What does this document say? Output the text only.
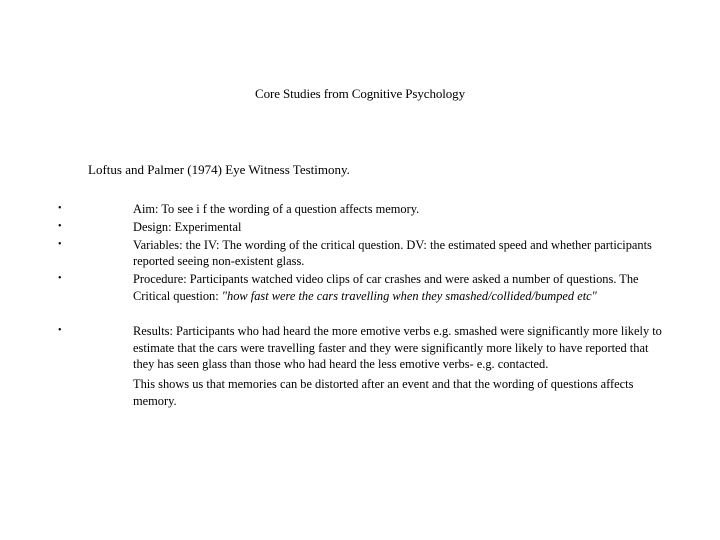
Core Studies from Cognitive Psychology
Loftus and Palmer (1974) Eye Witness Testimony.
•	Aim: To see i f the wording of a question affects memory.
•	Design: Experimental
•	Variables: the IV: The wording of the critical question. DV: the estimated speed and whether participants reported seeing non-existent glass.
•	Procedure: Participants watched video clips of car crashes and were asked a number of questions. The Critical question: "how fast were the cars travelling when they smashed/collided/bumped etc"
•	Results: Participants who had heard the more emotive verbs e.g. smashed were significantly more likely to estimate that the cars were travelling faster and they were significantly more likely to have reported that they has seen glass than those who had heard the less emotive verbs- e.g. contacted.
This shows us that memories can be distorted after an event and that the wording of questions affects memory.
